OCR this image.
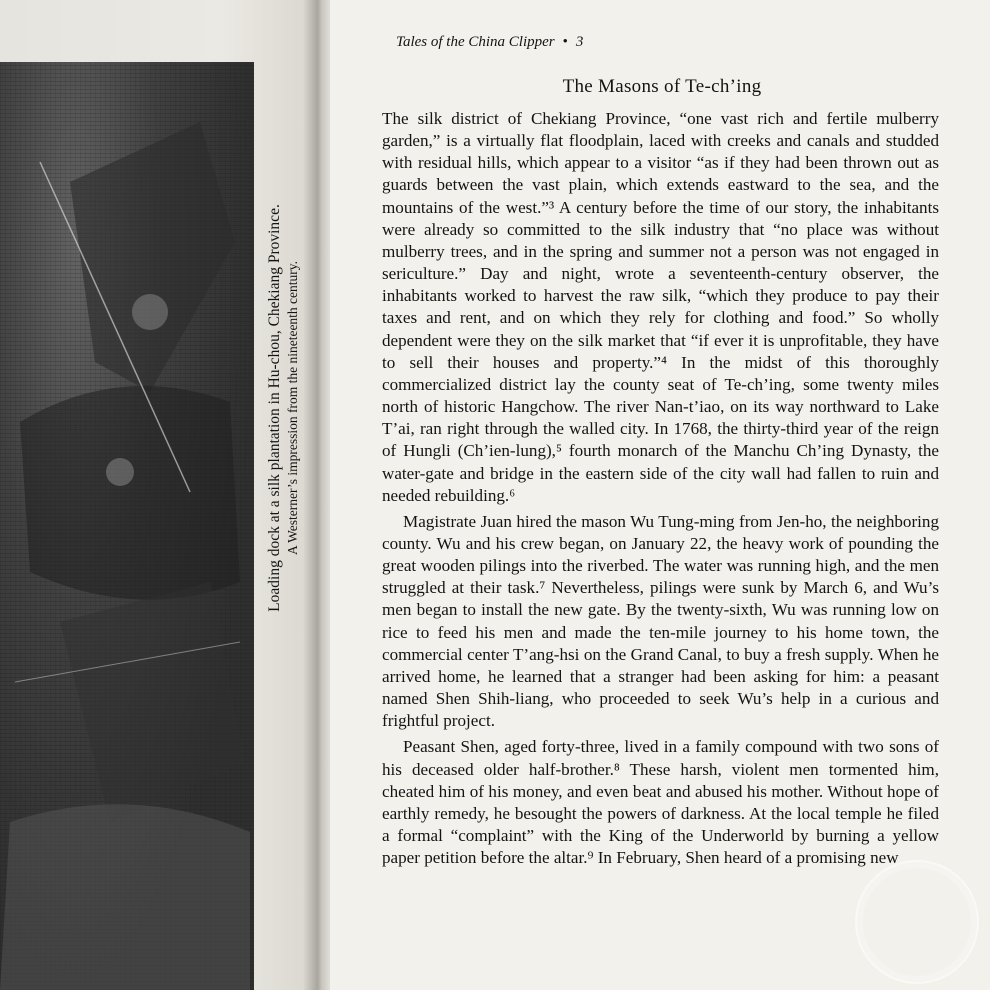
Loading dock at a silk plantation in Hu-chou, Chekiang Province. A Westerner’s impression from the nineteenth century.
Tales of the China Clipper • 3
The Masons of Te-ch’ing

The silk district of Chekiang Province, “one vast rich and fertile mulberry garden,” is a virtually flat floodplain, laced with creeks and canals and studded with residual hills, which appear to a visitor “as if they had been thrown out as guards between the vast plain, which extends eastward to the sea, and the mountains of the west.”³ A century before the time of our story, the inhabitants were already so committed to the silk industry that “no place was without mulberry trees, and in the spring and summer not a person was not engaged in sericulture.” Day and night, wrote a seventeenth-century observer, the inhabitants worked to harvest the raw silk, “which they produce to pay their taxes and rent, and on which they rely for clothing and food.” So wholly dependent were they on the silk market that “if ever it is unprofitable, they have to sell their houses and property.”⁴ In the midst of this thoroughly commercialized district lay the county seat of Te-ch’ing, some twenty miles north of historic Hangchow. The river Nan-t’iao, on its way northward to Lake T’ai, ran right through the walled city. In 1768, the thirty-third year of the reign of Hungli (Ch’ien-lung),⁵ fourth monarch of the Manchu Ch’ing Dynasty, the water-gate and bridge in the eastern side of the city wall had fallen to ruin and needed rebuilding.⁶

Magistrate Juan hired the mason Wu Tung-ming from Jen-ho, the neighboring county. Wu and his crew began, on January 22, the heavy work of pounding the great wooden pilings into the riverbed. The water was running high, and the men struggled at their task.⁷ Nevertheless, pilings were sunk by March 6, and Wu’s men began to install the new gate. By the twenty-sixth, Wu was running low on rice to feed his men and made the ten-mile journey to his home town, the commercial center T’ang-hsi on the Grand Canal, to buy a fresh supply. When he arrived home, he learned that a stranger had been asking for him: a peasant named Shen Shih-liang, who proceeded to seek Wu’s help in a curious and frightful project.

Peasant Shen, aged forty-three, lived in a family compound with two sons of his deceased older half-brother.⁸ These harsh, violent men tormented him, cheated him of his money, and even beat and abused his mother. Without hope of earthly remedy, he besought the powers of darkness. At the local temple he filed a formal “complaint” with the King of the Underworld by burning a yellow paper petition before the altar.⁹ In February, Shen heard of a promising new
